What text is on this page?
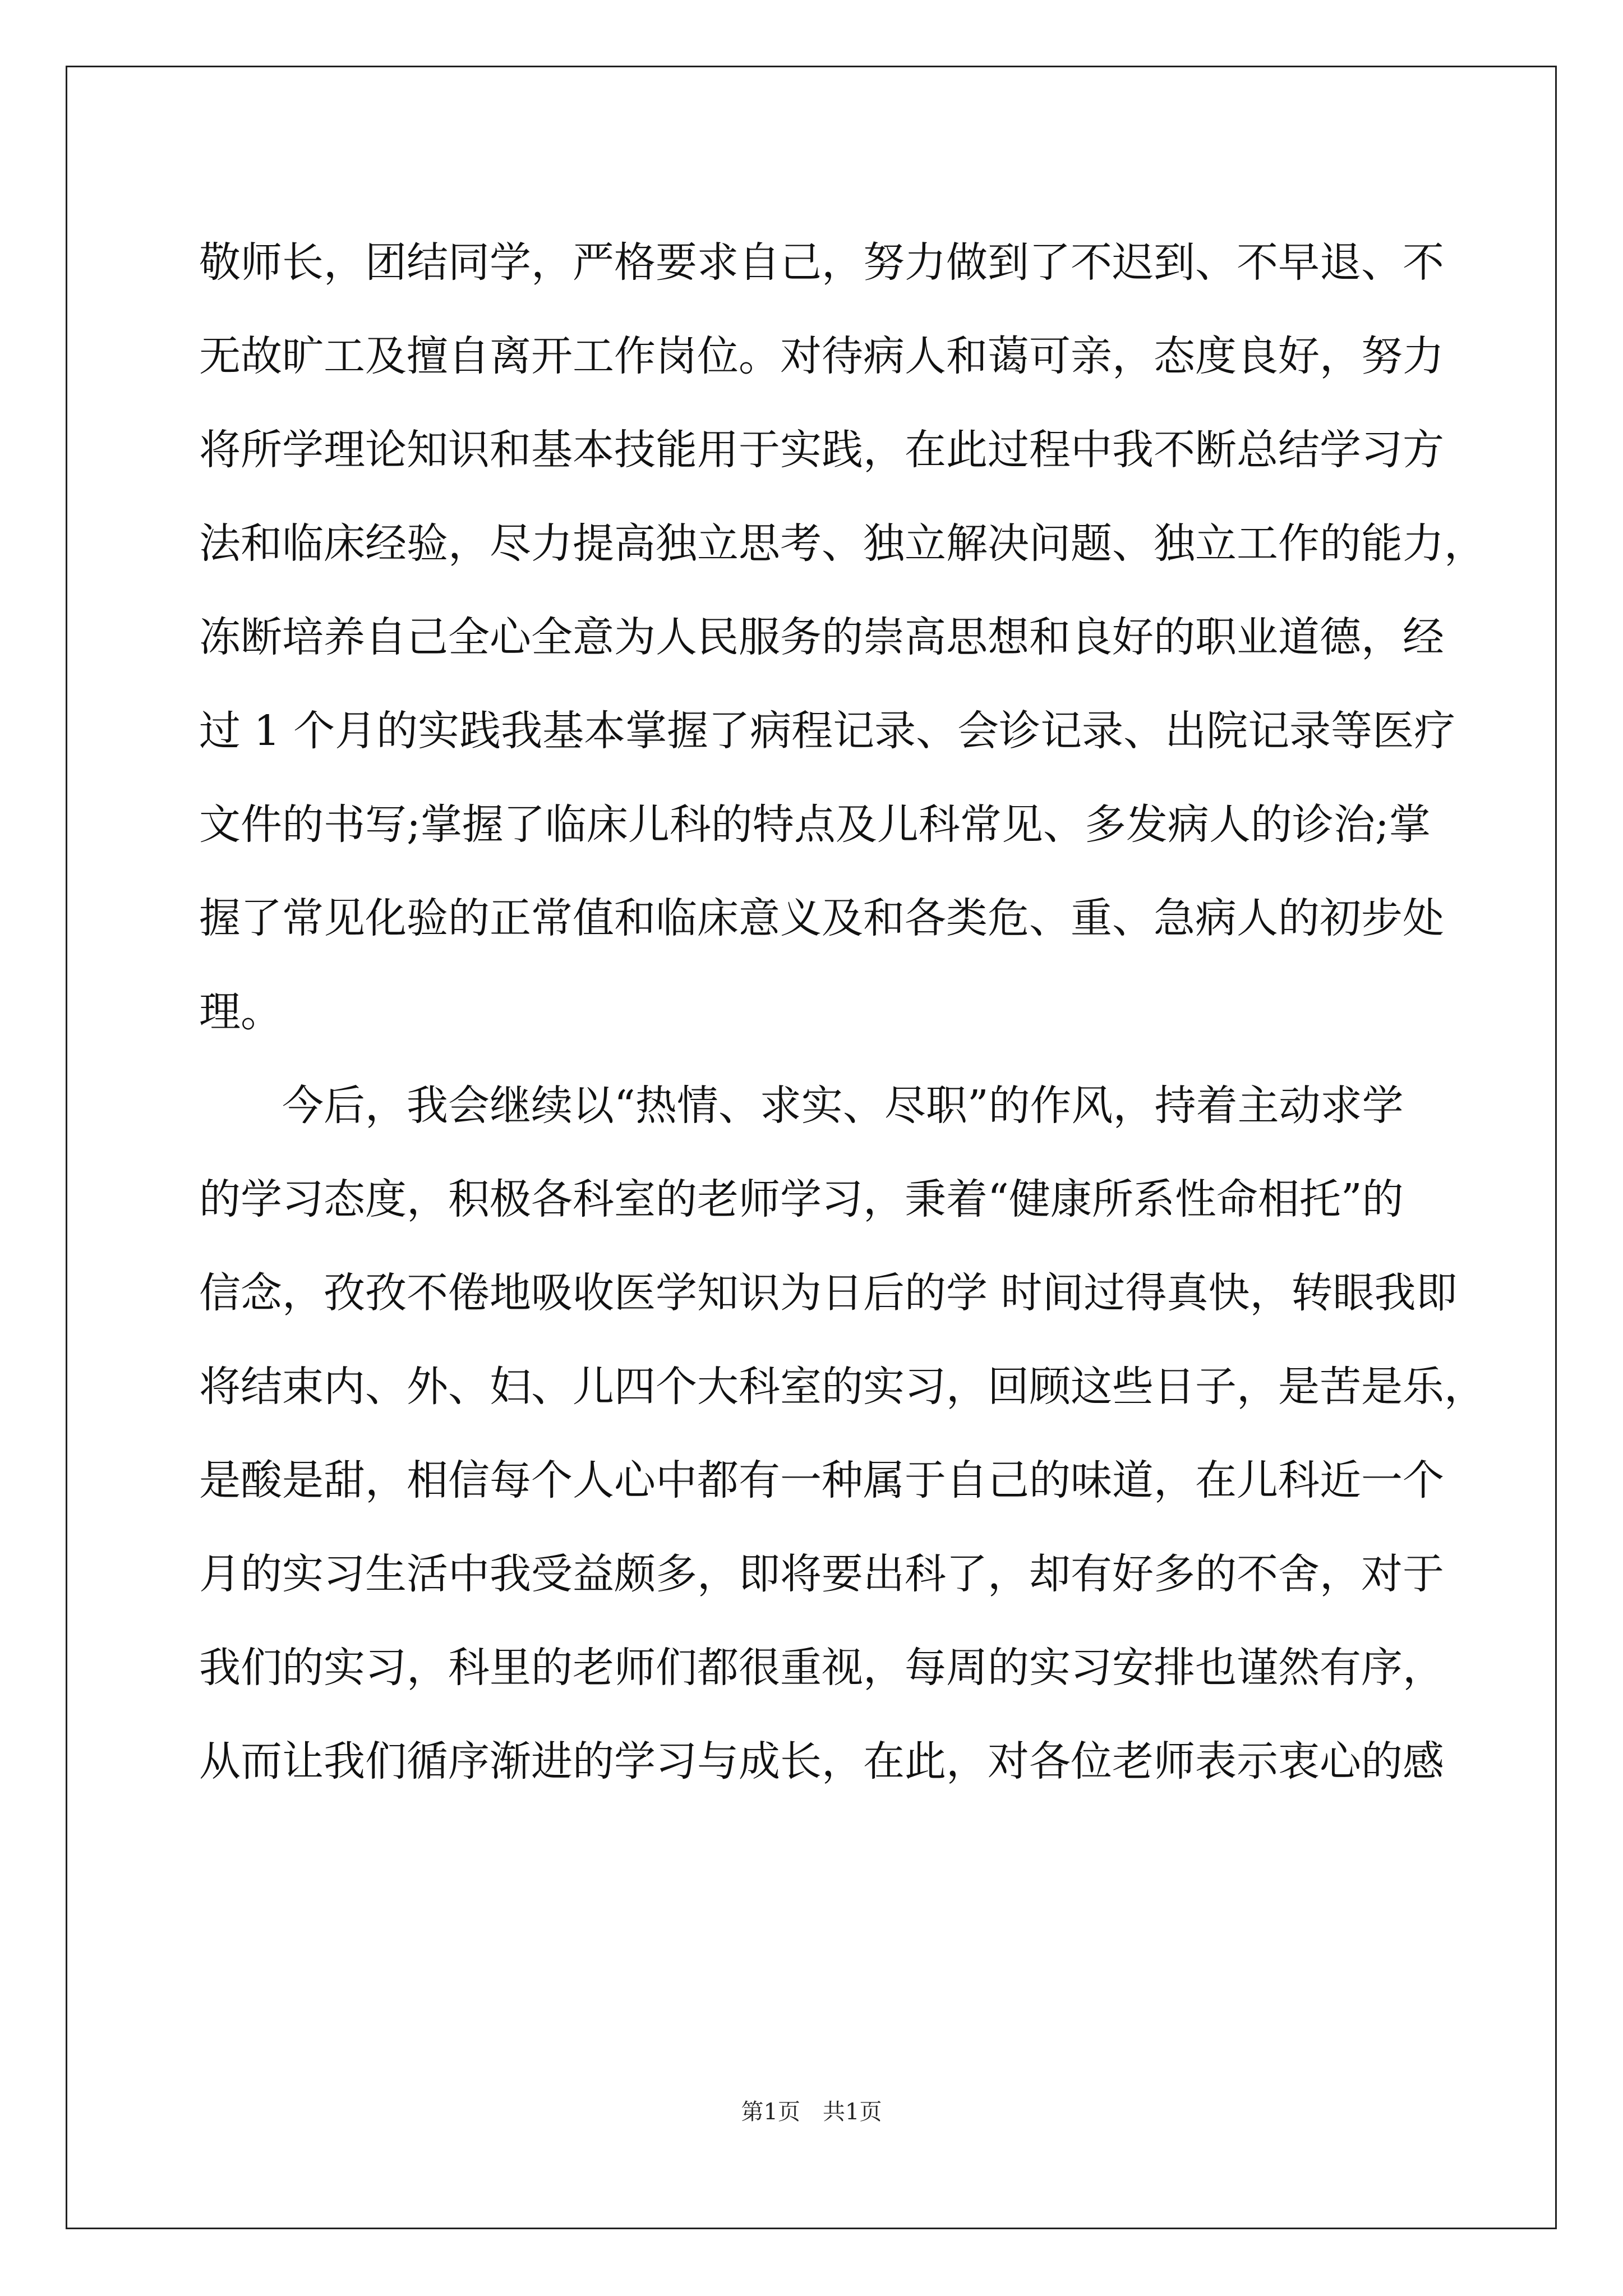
敬师长，团结同学，严格要求自己，努力做到了不迟到、不早退、不
无故旷工及擅自离开工作岗位。对待病人和蔼可亲，态度良好，努力
将所学理论知识和基本技能用于实践，在此过程中我不断总结学习方
法和临床经验，尽力提高独立思考、独立解决问题、独立工作的能力，
冻断培养自己全心全意为人民服务的崇高思想和良好的职业道德，经
过 1 个月的实践我基本掌握了病程记录、会诊记录、出院记录等医疗
文件的书写;掌握了临床儿科的特点及儿科常见、多发病人的诊治;掌
握了常见化验的正常值和临床意义及和各类危、重、急病人的初步处
理。
　　今后，我会继续以“热情、求实、尽职”的作风，持着主动求学
的学习态度，积极各科室的老师学习，秉着“健康所系性命相托”的
信念，孜孜不倦地吸收医学知识为日后的学 时间过得真快，转眼我即
将结束内、外、妇、儿四个大科室的实习，回顾这些日子，是苦是乐，
是酸是甜，相信每个人心中都有一种属于自己的味道，在儿科近一个
月的实习生活中我受益颇多，即将要出科了，却有好多的不舍，对于
我们的实习，科里的老师们都很重视，每周的实习安排也谨然有序，
从而让我们循序渐进的学习与成长，在此，对各位老师表示衷心的感
第1页　共1页
